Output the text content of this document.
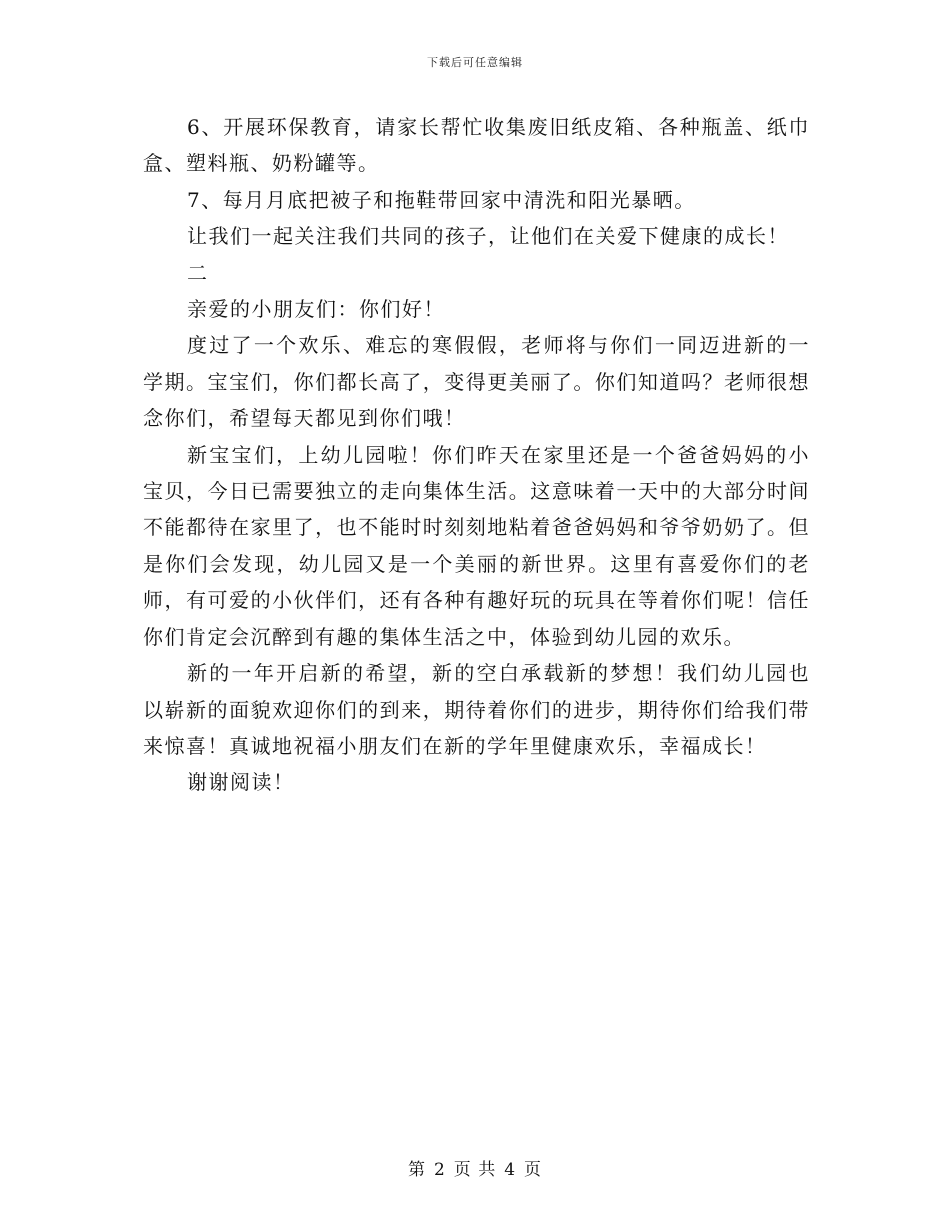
下载后可任意编辑

6、开展环保教育，请家长帮忙收集废旧纸皮箱、各种瓶盖、纸巾盒、塑料瓶、奶粉罐等。

7、每月月底把被子和拖鞋带回家中清洗和阳光暴晒。

让我们一起关注我们共同的孩子，让他们在关爱下健康的成长！

二

亲爱的小朋友们：你们好！

度过了一个欢乐、难忘的寒假假，老师将与你们一同迈进新的一学期。宝宝们，你们都长高了，变得更美丽了。你们知道吗？老师很想念你们，希望每天都见到你们哦！

新宝宝们，上幼儿园啦！你们昨天在家里还是一个爸爸妈妈的小宝贝，今日已需要独立的走向集体生活。这意味着一天中的大部分时间不能都待在家里了，也不能时时刻刻地粘着爸爸妈妈和爷爷奶奶了。但是你们会发现，幼儿园又是一个美丽的新世界。这里有喜爱你们的老师，有可爱的小伙伴们，还有各种有趣好玩的玩具在等着你们呢！信任你们肯定会沉醉到有趣的集体生活之中，体验到幼儿园的欢乐。

新的一年开启新的希望，新的空白承载新的梦想！我们幼儿园也以崭新的面貌欢迎你们的到来，期待着你们的进步，期待你们给我们带来惊喜！真诚地祝福小朋友们在新的学年里健康欢乐，幸福成长！

谢谢阅读！

第 2 页 共 4 页
